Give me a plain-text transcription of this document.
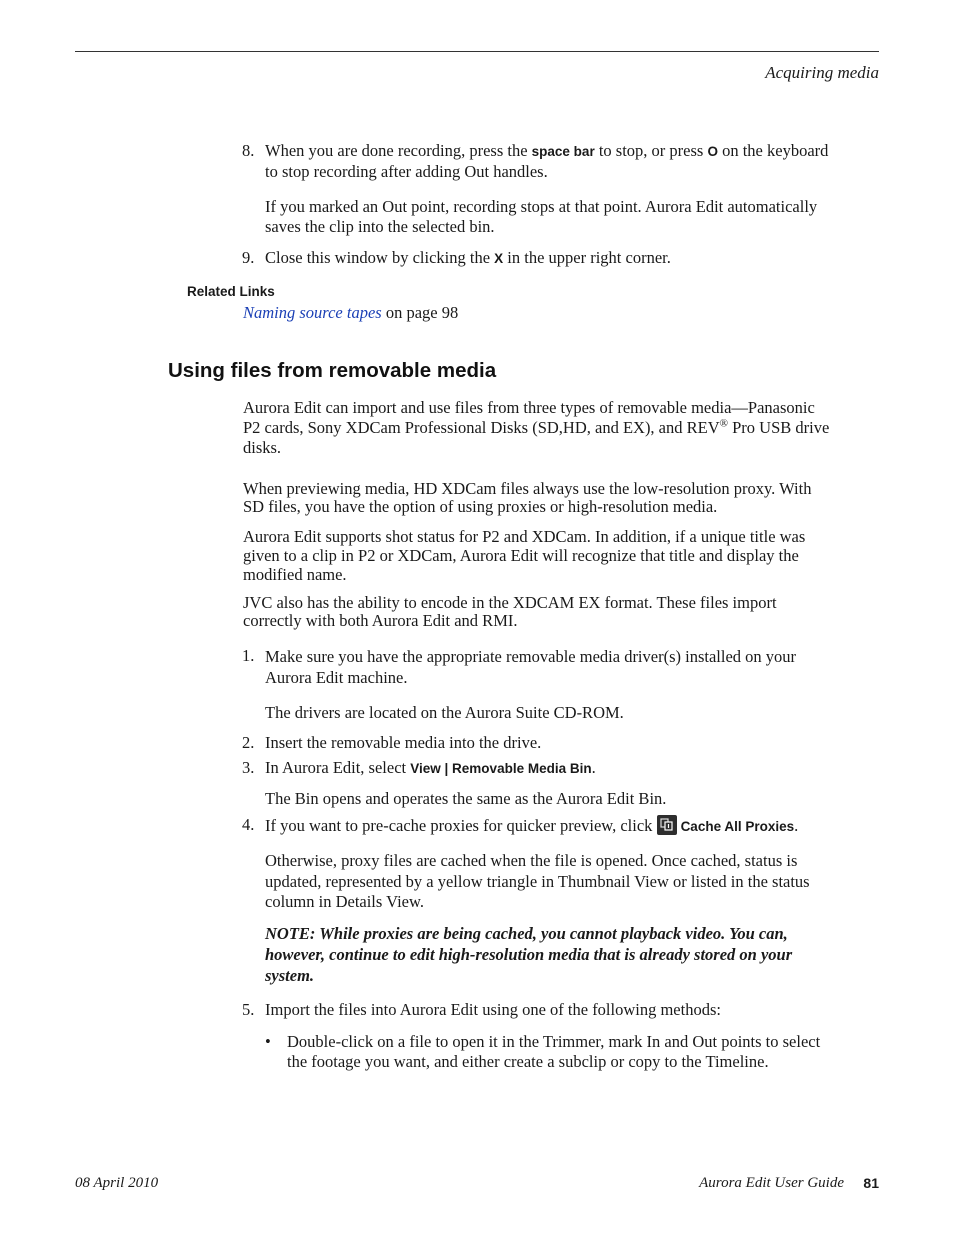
Acquiring media
8. When you are done recording, press the space bar to stop, or press O on the keyboard to stop recording after adding Out handles.
If you marked an Out point, recording stops at that point. Aurora Edit automatically saves the clip into the selected bin.
9. Close this window by clicking the X in the upper right corner.
Related Links
Naming source tapes on page 98
Using files from removable media
Aurora Edit can import and use files from three types of removable media—Panasonic P2 cards, Sony XDCam Professional Disks (SD,HD, and EX), and REV® Pro USB drive disks.
When previewing media, HD XDCam files always use the low-resolution proxy. With SD files, you have the option of using proxies or high-resolution media.
Aurora Edit supports shot status for P2 and XDCam. In addition, if a unique title was given to a clip in P2 or XDCam, Aurora Edit will recognize that title and display the modified name.
JVC also has the ability to encode in the XDCAM EX format. These files import correctly with both Aurora Edit and RMI.
1. Make sure you have the appropriate removable media driver(s) installed on your Aurora Edit machine.
The drivers are located on the Aurora Suite CD-ROM.
2. Insert the removable media into the drive.
3. In Aurora Edit, select View | Removable Media Bin.
The Bin opens and operates the same as the Aurora Edit Bin.
4. If you want to pre-cache proxies for quicker preview, click
Cache All Proxies.
Otherwise, proxy files are cached when the file is opened. Once cached, status is updated, represented by a yellow triangle in Thumbnail View or listed in the status column in Details View.
NOTE: While proxies are being cached, you cannot playback video. You can, however, continue to edit high-resolution media that is already stored on your system.
5. Import the files into Aurora Edit using one of the following methods:
• Double-click on a file to open it in the Trimmer, mark In and Out points to select the footage you want, and either create a subclip or copy to the Timeline.
08 April 2010	Aurora Edit User Guide 81
